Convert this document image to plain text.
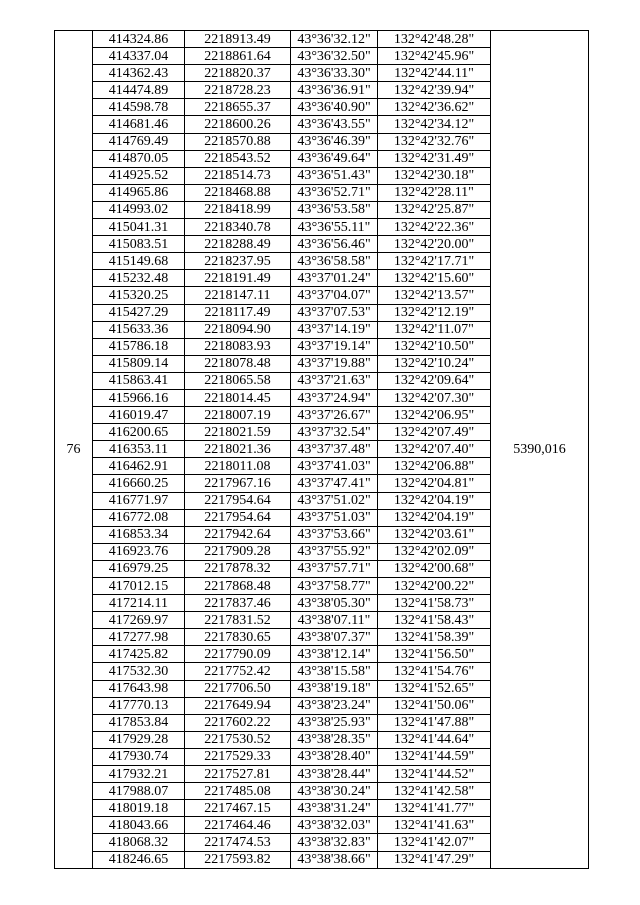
76	414324.86	2218913.49	43°36'32.12"	132°42'48.28"	5390,016
	414337.04	2218861.64	43°36'32.50"	132°42'45.96"	
	414362.43	2218820.37	43°36'33.30"	132°42'44.11"	
	414474.89	2218728.23	43°36'36.91"	132°42'39.94"	
	414598.78	2218655.37	43°36'40.90"	132°42'36.62"	
	414681.46	2218600.26	43°36'43.55"	132°42'34.12"	
	414769.49	2218570.88	43°36'46.39"	132°42'32.76"	
	414870.05	2218543.52	43°36'49.64"	132°42'31.49"	
	414925.52	2218514.73	43°36'51.43"	132°42'30.18"	
	414965.86	2218468.88	43°36'52.71"	132°42'28.11"	
	414993.02	2218418.99	43°36'53.58"	132°42'25.87"	
	415041.31	2218340.78	43°36'55.11"	132°42'22.36"	
	415083.51	2218288.49	43°36'56.46"	132°42'20.00"	
	415149.68	2218237.95	43°36'58.58"	132°42'17.71"	
	415232.48	2218191.49	43°37'01.24"	132°42'15.60"	
	415320.25	2218147.11	43°37'04.07"	132°42'13.57"	
	415427.29	2218117.49	43°37'07.53"	132°42'12.19"	
	415633.36	2218094.90	43°37'14.19"	132°42'11.07"	
	415786.18	2218083.93	43°37'19.14"	132°42'10.50"	
	415809.14	2218078.48	43°37'19.88"	132°42'10.24"	
	415863.41	2218065.58	43°37'21.63"	132°42'09.64"	
	415966.16	2218014.45	43°37'24.94"	132°42'07.30"	
	416019.47	2218007.19	43°37'26.67"	132°42'06.95"	
	416200.65	2218021.59	43°37'32.54"	132°42'07.49"	
	416353.11	2218021.36	43°37'37.48"	132°42'07.40"	
	416462.91	2218011.08	43°37'41.03"	132°42'06.88"	
	416660.25	2217967.16	43°37'47.41"	132°42'04.81"	
	416771.97	2217954.64	43°37'51.02"	132°42'04.19"	
	416772.08	2217954.64	43°37'51.03"	132°42'04.19"	
	416853.34	2217942.64	43°37'53.66"	132°42'03.61"	
	416923.76	2217909.28	43°37'55.92"	132°42'02.09"	
	416979.25	2217878.32	43°37'57.71"	132°42'00.68"	
	417012.15	2217868.48	43°37'58.77"	132°42'00.22"	
	417214.11	2217837.46	43°38'05.30"	132°41'58.73"	
	417269.97	2217831.52	43°38'07.11"	132°41'58.43"	
	417277.98	2217830.65	43°38'07.37"	132°41'58.39"	
	417425.82	2217790.09	43°38'12.14"	132°41'56.50"	
	417532.30	2217752.42	43°38'15.58"	132°41'54.76"	
	417643.98	2217706.50	43°38'19.18"	132°41'52.65"	
	417770.13	2217649.94	43°38'23.24"	132°41'50.06"	
	417853.84	2217602.22	43°38'25.93"	132°41'47.88"	
	417929.28	2217530.52	43°38'28.35"	132°41'44.64"	
	417930.74	2217529.33	43°38'28.40"	132°41'44.59"	
	417932.21	2217527.81	43°38'28.44"	132°41'44.52"	
	417988.07	2217485.08	43°38'30.24"	132°41'42.58"	
	418019.18	2217467.15	43°38'31.24"	132°41'41.77"	
	418043.66	2217464.46	43°38'32.03"	132°41'41.63"	
	418068.32	2217474.53	43°38'32.83"	132°41'42.07"	
	418246.65	2217593.82	43°38'38.66"	132°41'47.29"	
